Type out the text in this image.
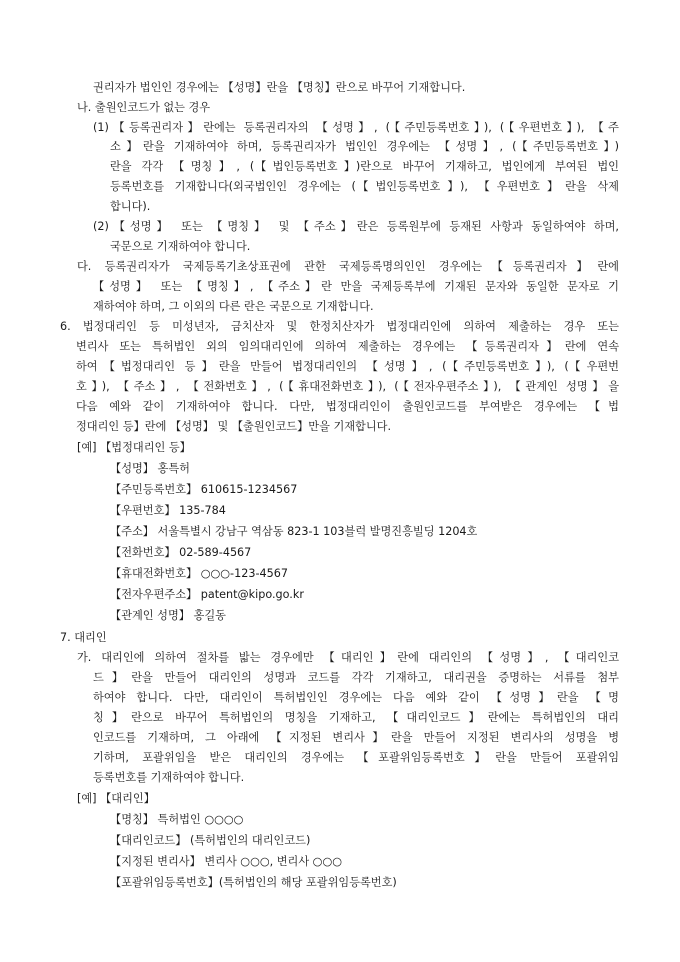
권리자가 법인인 경우에는 【성명】란을 【명칭】란으로 바꾸어 기재합니다.
나. 출원인코드가 없는 경우
(1)【등록권리자】란에는 등록권리자의 【성명】, (【주민등록번호】), (【우편번호】), 【주
소】란을 기재하여야 하며, 등록권리자가 법인인 경우에는 【성명】, (【주민등록번호】)
란을 각각 【명칭】, (【법인등록번호】)란으로 바꾸어 기재하고, 법인에게 부여된 법인
등록번호를 기재합니다(외국법인인 경우에는 (【법인등록번호】), 【우편번호】란을 삭제
합니다).
(2)【성명】 또는 【명칭】 및 【주소】란은 등록원부에 등재된 사항과 동일하여야 하며,
국문으로 기재하여야 합니다.
다. 등록권리자가 국제등록기초상표권에 관한 국제등록명의인인 경우에는【등록권리자】란에
【성명】 또는 【명칭】, 【주소】란 만을 국제등록부에 기재된 문자와 동일한 문자로 기
재하여야 하며, 그 이외의 다른 란은 국문으로 기재합니다.
6. 법정대리인 등 미성년자, 금치산자 및 한정치산자가 법정대리인에 의하여 제출하는 경우 또는
변리사 또는 특허법인 외의 임의대리인에 의하여 제출하는 경우에는 【등록권리자】란에 연속
하여【법정대리인 등】란을 만들어 법정대리인의 【성명】, (【주민등록번호】), (【우편번
호】), 【주소】, 【전화번호】, (【휴대전화번호】), (【전자우편주소】), 【관계인 성명】을
다음 예와 같이 기재하여야 합니다. 다만, 법정대리인이 출원인코드를 부여받은 경우에는 【법
정대리인 등】란에 【성명】 및 【출원인코드】만을 기재합니다.
[예] 【법정대리인 등】
【성명】 홍특허
【주민등록번호】 610615-1234567
【우편번호】 135-784
【주소】 서울특별시 강남구 역삼동 823-1 103블럭 발명진흥빌딩 1204호
【전화번호】 02-589-4567
【휴대전화번호】 ○○○-123-4567
【전자우편주소】 patent@kipo.go.kr
【관계인 성명】 홍길동
7. 대리인
가. 대리인에 의하여 절차를 밟는 경우에만 【대리인】란에 대리인의 【성명】, 【대리인코
드】란을 만들어 대리인의 성명과 코드를 각각 기재하고, 대리권을 증명하는 서류를 첨부
하여야 합니다. 다만, 대리인이 특허법인인 경우에는 다음 예와 같이 【성명】란을 【명
칭】란으로 바꾸어 특허법인의 명칭을 기재하고, 【대리인코드】란에는 특허법인의 대리
인코드를 기재하며, 그 아래에 【지정된 변리사】란을 만들어 지정된 변리사의 성명을 병
기하며, 포괄위임을 받은 대리인의 경우에는 【포괄위임등록번호】란을 만들어 포괄위임
등록번호를 기재하여야 합니다.
[예] 【대리인】
【명칭】 특허법인 ○○○○
【대리인코드】 (특허법인의 대리인코드)
【지정된 변리사】 변리사 ○○○, 변리사 ○○○
【포괄위임등록번호】(특허법인의 해당 포괄위임등록번호)
